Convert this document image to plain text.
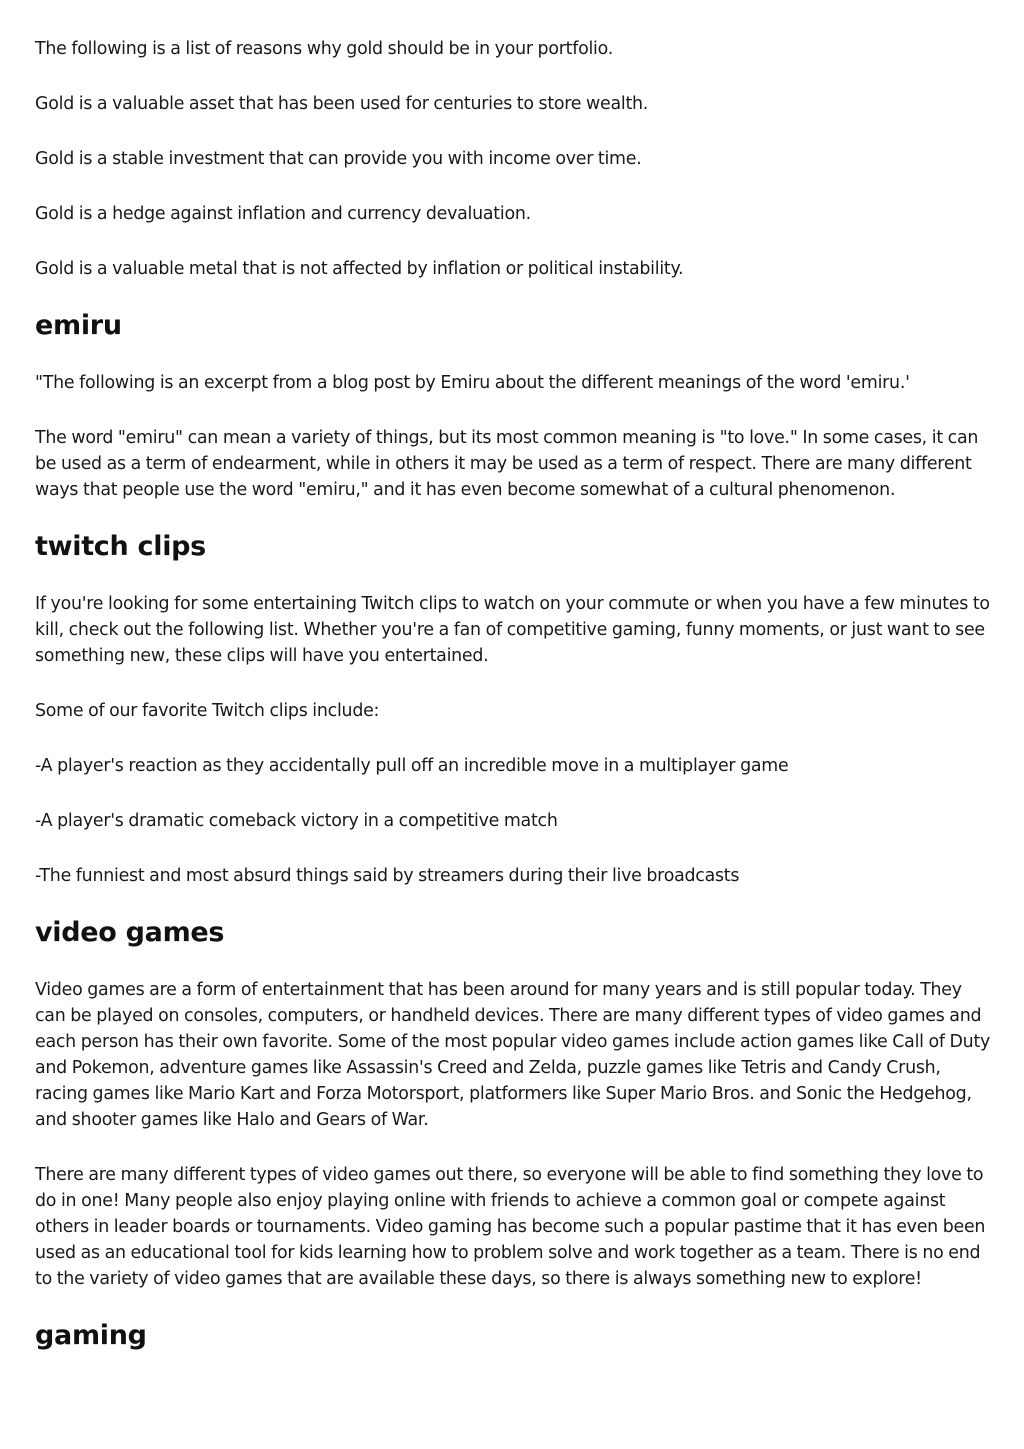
The following is a list of reasons why gold should be in your portfolio.

Gold is a valuable asset that has been used for centuries to store wealth.

Gold is a stable investment that can provide you with income over time.

Gold is a hedge against inflation and currency devaluation.

Gold is a valuable metal that is not affected by inflation or political instability.

emiru

"The following is an excerpt from a blog post by Emiru about the different meanings of the word 'emiru.'

The word "emiru" can mean a variety of things, but its most common meaning is "to love." In some cases, it can be used as a term of endearment, while in others it may be used as a term of respect. There are many different ways that people use the word "emiru," and it has even become somewhat of a cultural phenomenon.

twitch clips

If you're looking for some entertaining Twitch clips to watch on your commute or when you have a few minutes to kill, check out the following list. Whether you're a fan of competitive gaming, funny moments, or just want to see something new, these clips will have you entertained.

Some of our favorite Twitch clips include:

-A player's reaction as they accidentally pull off an incredible move in a multiplayer game

-A player's dramatic comeback victory in a competitive match

-The funniest and most absurd things said by streamers during their live broadcasts

video games

Video games are a form of entertainment that has been around for many years and is still popular today. They can be played on consoles, computers, or handheld devices. There are many different types of video games and each person has their own favorite. Some of the most popular video games include action games like Call of Duty and Pokemon, adventure games like Assassin's Creed and Zelda, puzzle games like Tetris and Candy Crush, racing games like Mario Kart and Forza Motorsport, platformers like Super Mario Bros. and Sonic the Hedgehog, and shooter games like Halo and Gears of War.

There are many different types of video games out there, so everyone will be able to find something they love to do in one! Many people also enjoy playing online with friends to achieve a common goal or compete against others in leader boards or tournaments. Video gaming has become such a popular pastime that it has even been used as an educational tool for kids learning how to problem solve and work together as a team. There is no end to the variety of video games that are available these days, so there is always something new to explore!

gaming
